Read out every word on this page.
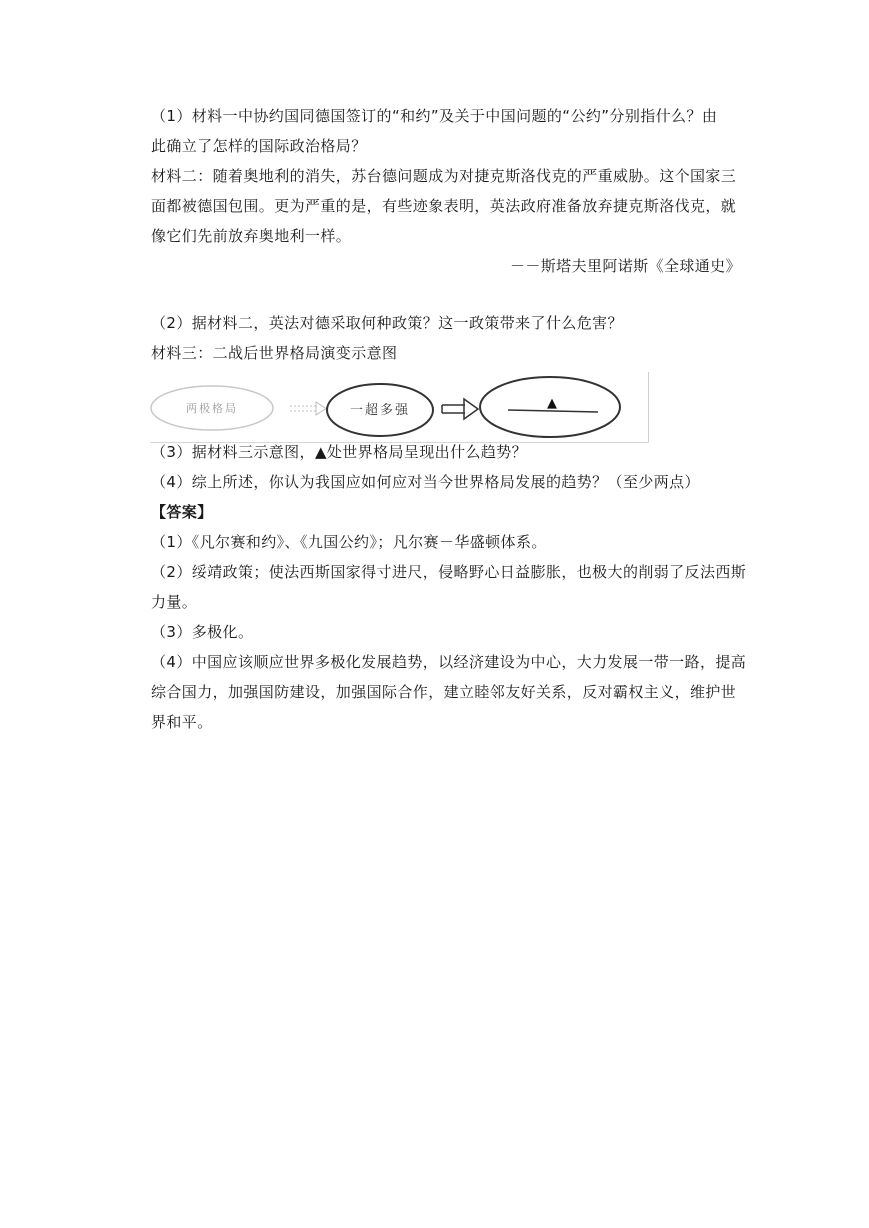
（1）材料一中协约国同德国签订的“和约”及关于中国问题的“公约”分别指什么？由
此确立了怎样的国际政治格局？
材料二：随着奥地利的消失，苏台德问题成为对捷克斯洛伐克的严重威胁。这个国家三
面都被德国包围。更为严重的是，有些迹象表明，英法政府准备放弃捷克斯洛伐克，就
像它们先前放弃奥地利一样。
－－斯塔夫里阿诺斯《全球通史》
（2）据材料二，英法对德采取何种政策？这一政策带来了什么危害？
材料三：二战后世界格局演变示意图
两极格局	一超多强	▲
（3）据材料三示意图，▲处世界格局呈现出什么趋势？
（4）综上所述，你认为我国应如何应对当今世界格局发展的趋势？（至少两点）
【答案】
（1）《凡尔赛和约》、《九国公约》；凡尔赛－华盛顿体系。
（2）绥靖政策；使法西斯国家得寸进尺，侵略野心日益膨胀，也极大的削弱了反法西斯
力量。
（3）多极化。
（4）中国应该顺应世界多极化发展趋势，以经济建设为中心，大力发展一带一路，提高
综合国力，加强国防建设，加强国际合作，建立睦邻友好关系，反对霸权主义，维护世
界和平。
